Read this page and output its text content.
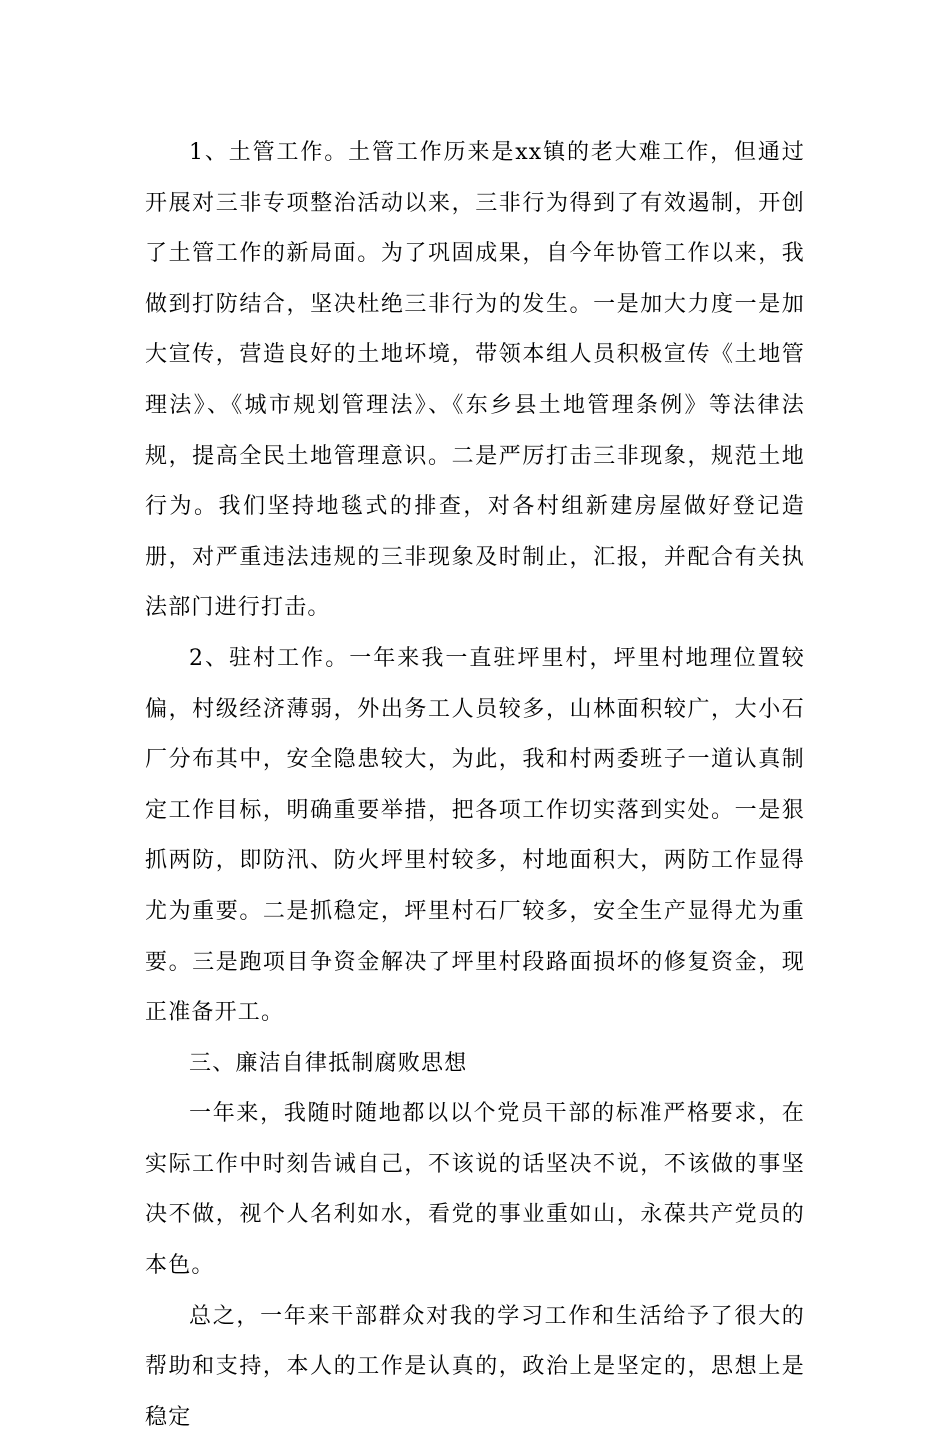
1、土管工作。土管工作历来是xx镇的老大难工作，但通过开展对三非专项整治活动以来，三非行为得到了有效遏制，开创了土管工作的新局面。为了巩固成果，自今年协管工作以来，我做到打防结合，坚决杜绝三非行为的发生。一是加大力度一是加大宣传，营造良好的土地坏境，带领本组人员积极宣传《土地管理法》、《城市规划管理法》、《东乡县土地管理条例》等法律法规，提高全民土地管理意识。二是严厉打击三非现象，规范土地行为。我们坚持地毯式的排查，对各村组新建房屋做好登记造册，对严重违法违规的三非现象及时制止，汇报，并配合有关执法部门进行打击。

2、驻村工作。一年来我一直驻坪里村，坪里村地理位置较偏，村级经济薄弱，外出务工人员较多，山林面积较广，大小石厂分布其中，安全隐患较大，为此，我和村两委班子一道认真制定工作目标，明确重要举措，把各项工作切实落到实处。一是狠抓两防，即防汛、防火坪里村较多，村地面积大，两防工作显得尤为重要。二是抓稳定，坪里村石厂较多，安全生产显得尤为重要。三是跑项目争资金解决了坪里村段路面损坏的修复资金，现正准备开工。

三、廉洁自律抵制腐败思想

一年来，我随时随地都以以个党员干部的标准严格要求，在实际工作中时刻告诫自己，不该说的话坚决不说，不该做的事坚决不做，视个人名利如水，看党的事业重如山，永葆共产党员的本色。

总之，一年来干部群众对我的学习工作和生活给予了很大的帮助和支持，本人的工作是认真的，政治上是坚定的，思想上是稳定
